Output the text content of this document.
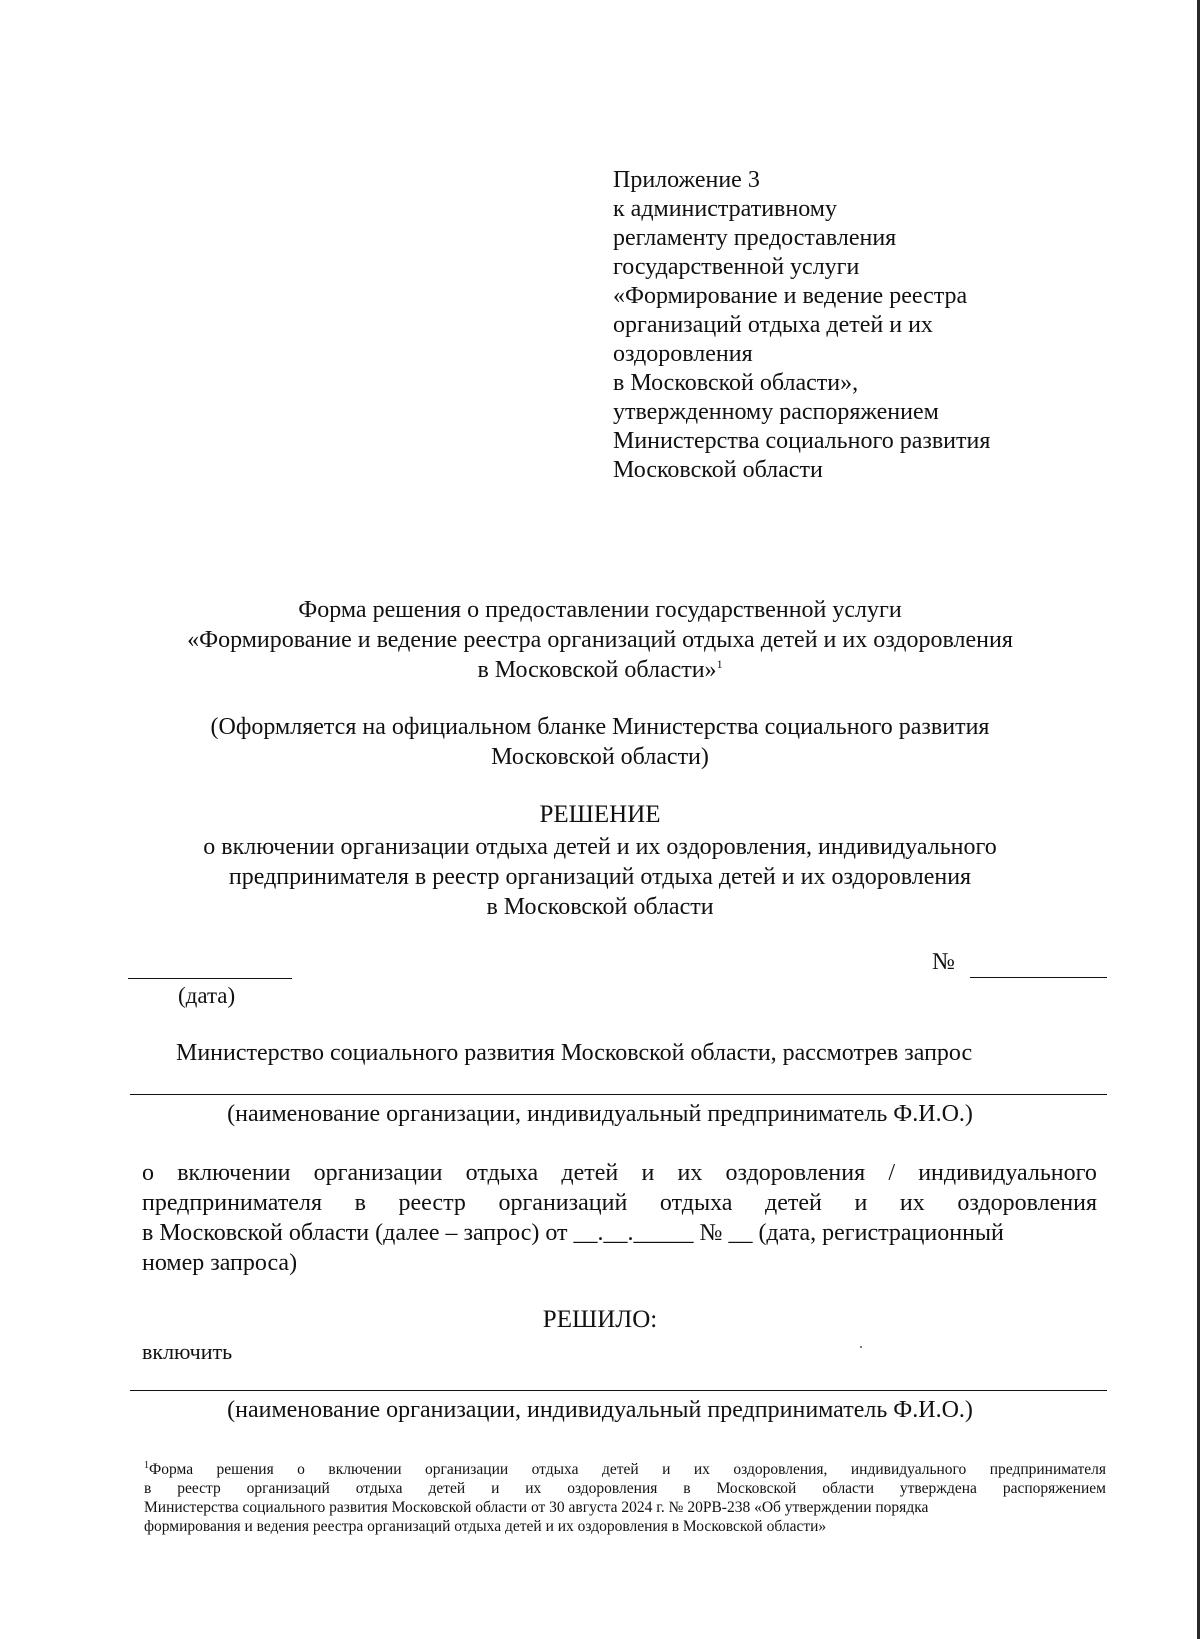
Приложение 3
к административному
регламенту предоставления
государственной услуги
«Формирование и ведение реестра
организаций отдыха детей и их
оздоровления
в Московской области»,
утвержденному распоряжением
Министерства социального развития
Московской области
Форма решения о предоставлении государственной услуги
«Формирование и ведение реестра организаций отдыха детей и их оздоровления
в Московской области»$^1$
(Оформляется на официальном бланке Министерства социального развития
Московской области)
РЕШЕНИЕ
о включении организации отдыха детей и их оздоровления, индивидуального
предпринимателя в реестр организаций отдыха детей и их оздоровления
в Московской области
(дата)
№
Министерство социального развития Московской области, рассмотрев запрос
(наименование организации, индивидуальный предприниматель Ф.И.О.)
о включении организации отдыха детей и их оздоровления / индивидуального
предпринимателя в реестр организаций отдыха детей и их оздоровления
в Московской области (далее – запрос) от __.__._____ № __ (дата, регистрационный
номер запроса)
РЕШИЛО:
включить
(наименование организации, индивидуальный предприниматель Ф.И.О.)
$^1$Форма решения о включении организации отдыха детей и их оздоровления, индивидуального предпринимателя
в реестр организаций отдыха детей и их оздоровления в Московской области утверждена распоряжением
Министерства социального развития Московской области от 30 августа 2024 г. № 20РВ-238 «Об утверждении порядка
формирования и ведения реестра организаций отдыха детей и их оздоровления в Московской области»
